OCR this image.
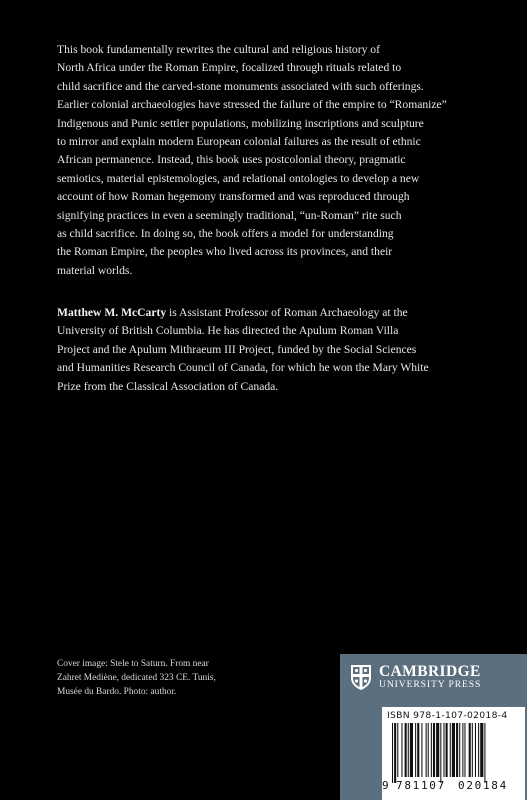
This book fundamentally rewrites the cultural and religious history of
North Africa under the Roman Empire, focalized through rituals related to
child sacrifice and the carved-stone monuments associated with such offerings.
Earlier colonial archaeologies have stressed the failure of the empire to “Romanize”
Indigenous and Punic settler populations, mobilizing inscriptions and sculpture
to mirror and explain modern European colonial failures as the result of ethnic
African permanence. Instead, this book uses postcolonial theory, pragmatic
semiotics, material epistemologies, and relational ontologies to develop a new
account of how Roman hegemony transformed and was reproduced through
signifying practices in even a seemingly traditional, “un-Roman” rite such
as child sacrifice. In doing so, the book offers a model for understanding
the Roman Empire, the peoples who lived across its provinces, and their
material worlds.
Matthew M. McCarty is Assistant Professor of Roman Archaeology at the
University of British Columbia. He has directed the Apulum Roman Villa
Project and the Apulum Mithraeum III Project, funded by the Social Sciences
and Humanities Research Council of Canada, for which he won the Mary White
Prize from the Classical Association of Canada.
Cover image: Stele to Saturn. From near
Zahret Mediène, dedicated 323 CE. Tunis,
Musée du Bardo. Photo: author.
CAMBRIDGE
UNIVERSITY PRESS
ISBN 978-1-107-02018-4
9 781107 020184
